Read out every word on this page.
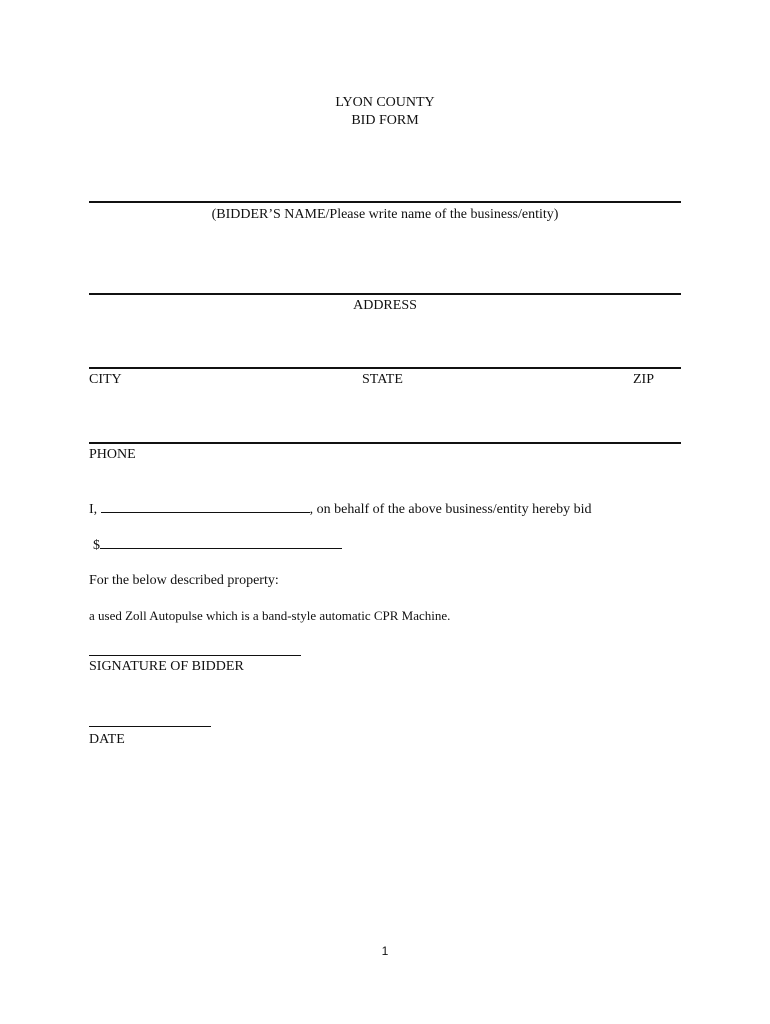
LYON COUNTY
BID FORM
(BIDDER’S NAME/Please write name of the business/entity)
ADDRESS
CITY	STATE	ZIP
PHONE
I,	, on behalf of the above business/entity hereby bid
$
For the below described property:
a used Zoll Autopulse which is a band-style automatic CPR Machine.
SIGNATURE OF BIDDER
DATE
1
